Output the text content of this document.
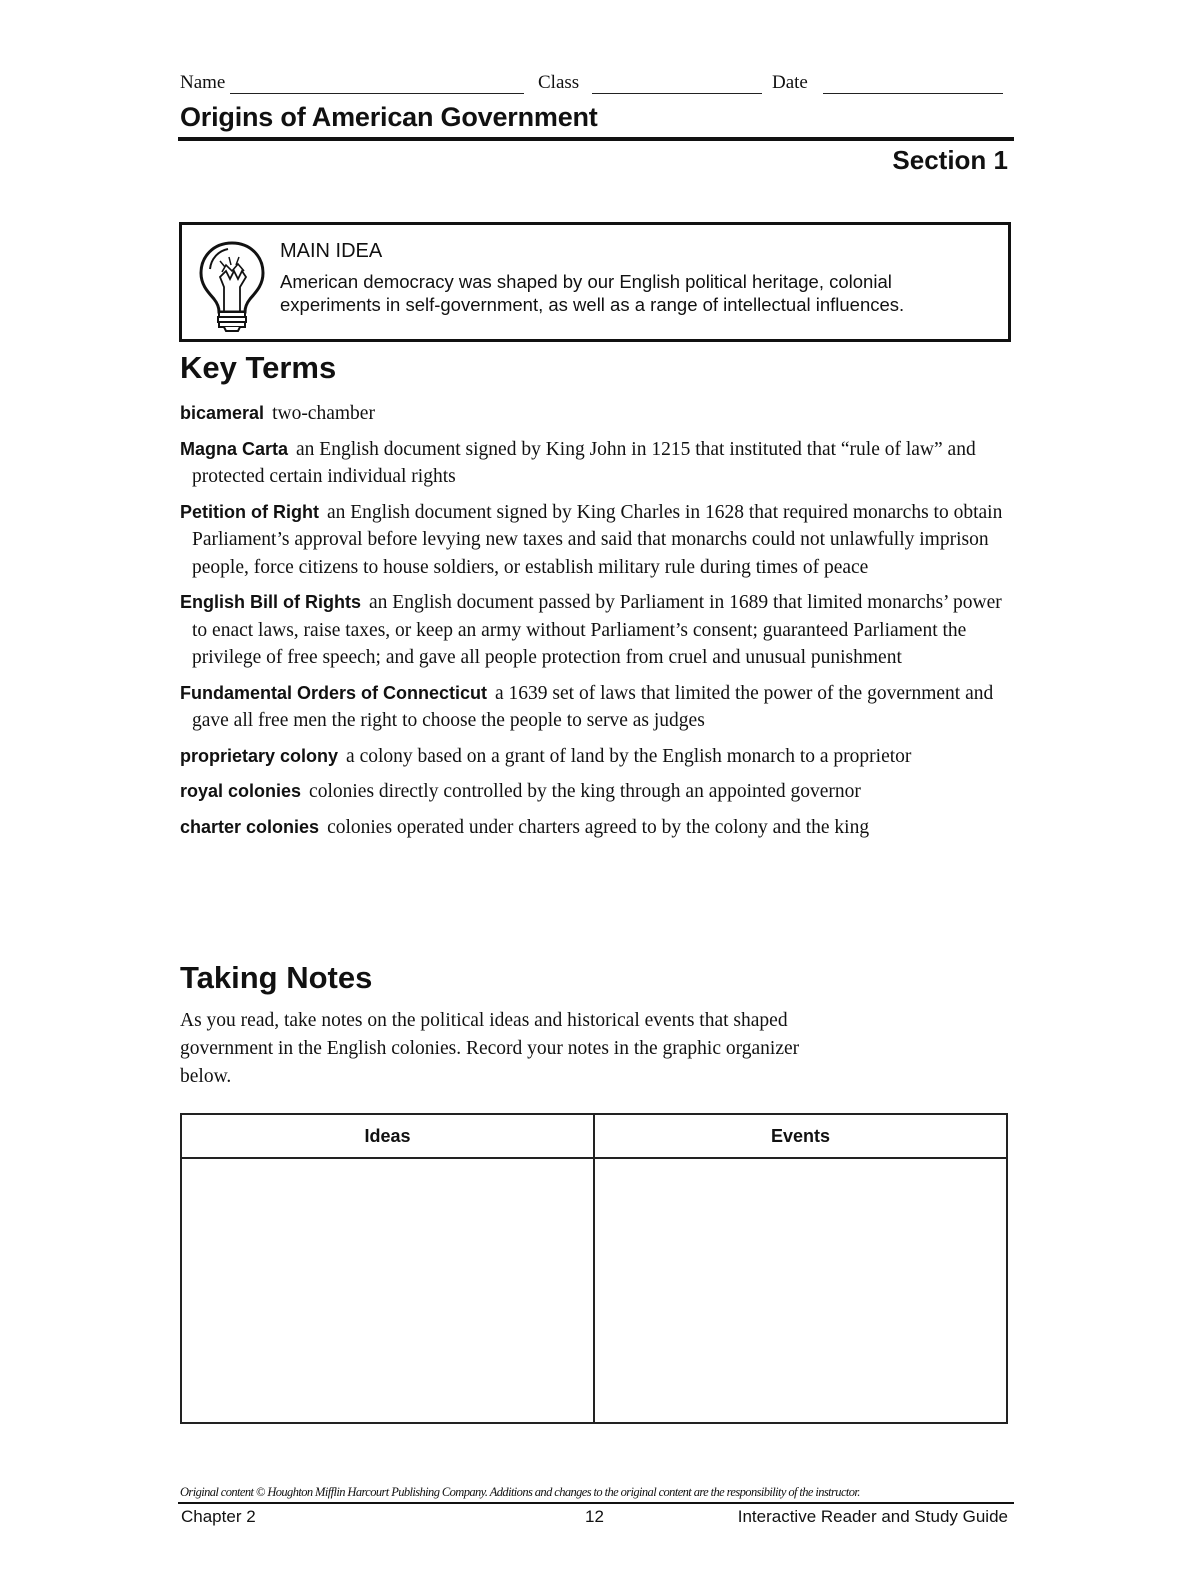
Name	Class	Date
Origins of American Government
Section 1
MAIN IDEA
American democracy was shaped by our English political heritage, colonial experiments in self-government, as well as a range of intellectual influences.
Key Terms
bicameral two-chamber
Magna Carta an English document signed by King John in 1215 that instituted that “rule of law” and protected certain individual rights
Petition of Right an English document signed by King Charles in 1628 that required monarchs to obtain Parliament’s approval before levying new taxes and said that monarchs could not unlawfully imprison people, force citizens to house soldiers, or establish military rule during times of peace
English Bill of Rights an English document passed by Parliament in 1689 that limited monarchs’ power to enact laws, raise taxes, or keep an army without Parliament’s consent; guaranteed Parliament the privilege of free speech; and gave all people protection from cruel and unusual punishment
Fundamental Orders of Connecticut a 1639 set of laws that limited the power of the government and gave all free men the right to choose the people to serve as judges
proprietary colony a colony based on a grant of land by the English monarch to a proprietor
royal colonies colonies directly controlled by the king through an appointed governor
charter colonies colonies operated under charters agreed to by the colony and the king
Taking Notes
As you read, take notes on the political ideas and historical events that shaped government in the English colonies. Record your notes in the graphic organizer below.
Ideas	Events

Original content © Houghton Mifflin Harcourt Publishing Company. Additions and changes to the original content are the responsibility of the instructor.
Chapter 2	12	Interactive Reader and Study Guide
